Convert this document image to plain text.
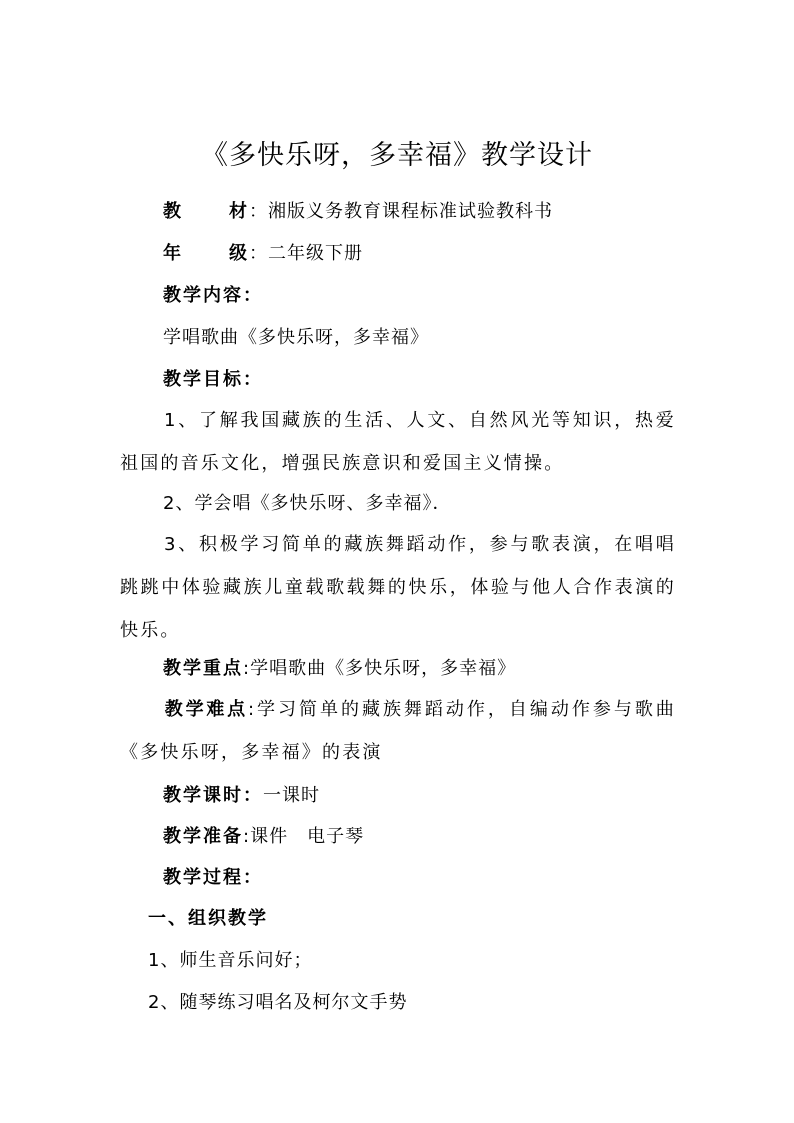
《多快乐呀，多幸福》教学设计
教	材：湘版义务教育课程标准试验教科书
年	级：二年级下册
教学内容：
学唱歌曲《多快乐呀，多幸福》
教学目标：
1、了解我国藏族的生活、人文、自然风光等知识，热爱祖国的音乐文化，增强民族意识和爱国主义情操。
2、学会唱《多快乐呀、多幸福》．
3、积极学习简单的藏族舞蹈动作，参与歌表演，在唱唱跳跳中体验藏族儿童载歌载舞的快乐，体验与他人合作表演的快乐。
教学重点:学唱歌曲《多快乐呀，多幸福》
教学难点:学习简单的藏族舞蹈动作，自编动作参与歌曲《多快乐呀，多幸福》的表演
教学课时：一课时
教学准备:课件　电子琴
教学过程：
一、组织教学
1、师生音乐问好；
2、随琴练习唱名及柯尔文手势
